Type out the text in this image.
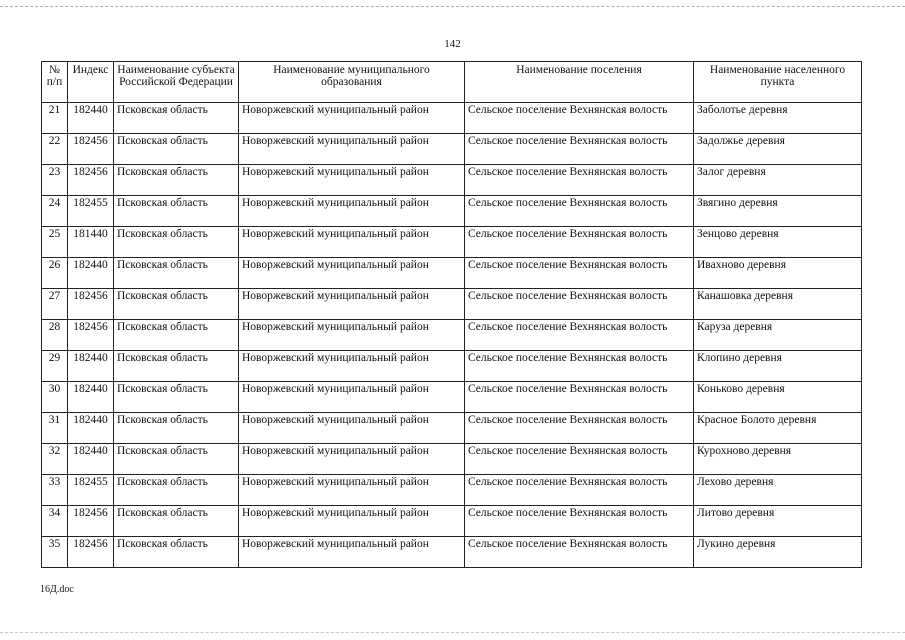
142
№ п/п	Индекс	Наименование субъекта Российской Федерации	Наименование муниципального образования	Наименование поселения	Наименование населенного пункта
21	182440	Псковская область	Новоржевский муниципальный район	Сельское поселение Вехнянская волость	Заболотье деревня
22	182456	Псковская область	Новоржевский муниципальный район	Сельское поселение Вехнянская волость	Задолжье деревня
23	182456	Псковская область	Новоржевский муниципальный район	Сельское поселение Вехнянская волость	Залог деревня
24	182455	Псковская область	Новоржевский муниципальный район	Сельское поселение Вехнянская волость	Звягино деревня
25	181440	Псковская область	Новоржевский муниципальный район	Сельское поселение Вехнянская волость	Зенцово деревня
26	182440	Псковская область	Новоржевский муниципальный район	Сельское поселение Вехнянская волость	Ивахново деревня
27	182456	Псковская область	Новоржевский муниципальный район	Сельское поселение Вехнянская волость	Канашовка деревня
28	182456	Псковская область	Новоржевский муниципальный район	Сельское поселение Вехнянская волость	Каруза деревня
29	182440	Псковская область	Новоржевский муниципальный район	Сельское поселение Вехнянская волость	Клопино деревня
30	182440	Псковская область	Новоржевский муниципальный район	Сельское поселение Вехнянская волость	Коньково деревня
31	182440	Псковская область	Новоржевский муниципальный район	Сельское поселение Вехнянская волость	Красное Болото деревня
32	182440	Псковская область	Новоржевский муниципальный район	Сельское поселение Вехнянская волость	Курохново деревня
33	182455	Псковская область	Новоржевский муниципальный район	Сельское поселение Вехнянская волость	Лехово деревня
34	182456	Псковская область	Новоржевский муниципальный район	Сельское поселение Вехнянская волость	Литово деревня
35	182456	Псковская область	Новоржевский муниципальный район	Сельское поселение Вехнянская волость	Лукино деревня
16Д.doc
